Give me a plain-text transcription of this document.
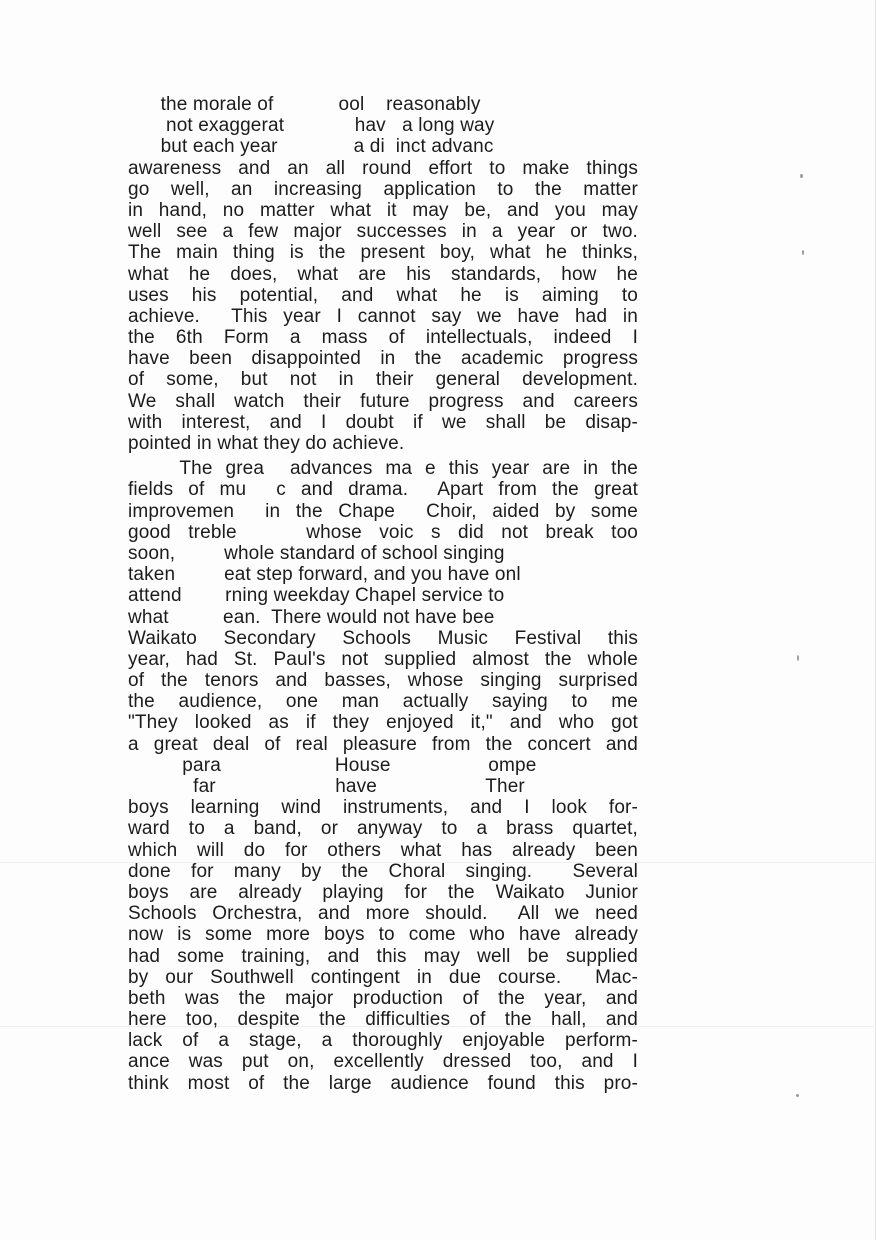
the morale of            ool    reasonably
not exaggerat             hav   a long way
but each year              a di  inct advanc
awareness and an all round effort to make things
go well, an increasing application to the matter
in hand, no matter what it may be, and you may
well see a few major successes in a year or two.
The main thing is the present boy, what he thinks,
what he does, what are his standards, how he
uses his potential, and what he is aiming to
achieve.  This year I cannot say we have had in
the 6th Form a mass of intellectuals, indeed I
have been disappointed in the academic progress
of some, but not in their general development.
We shall watch their future progress and careers
with interest, and I doubt if we shall be disap-
pointed in what they do achieve.
The grea  advances ma e this year are in the
fields of mu  c and drama.  Apart from the great
improvemen  in the Chape  Choir, aided by some
good treble    whose voic s did not break too
soon,         whole standard of school singing
taken         eat step forward, and you have onl
attend        rning weekday Chapel service to
what          ean.  There would not have bee
Waikato Secondary Schools Music Festival this
year, had St. Paul's not supplied almost the whole
of the tenors and basses, whose singing surprised
the audience, one man actually saying to me
"They looked as if they enjoyed it," and who got
a great deal of real pleasure from the concert and
para                     House                  ompe
far                      have                    Ther
boys learning wind instruments, and I look for-
ward to a band, or anyway to a brass quartet,
which will do for others what has already been
done for many by the Choral singing.  Several
boys are already playing for the Waikato Junior
Schools Orchestra, and more should.  All we need
now is some more boys to come who have already
had some training, and this may well be supplied
by our Southwell contingent in due course.  Mac-
beth was the major production of the year, and
here too, despite the difficulties of the hall, and
lack of a stage, a thoroughly enjoyable perform-
ance was put on, excellently dressed too, and I
think most of the large audience found this pro-
